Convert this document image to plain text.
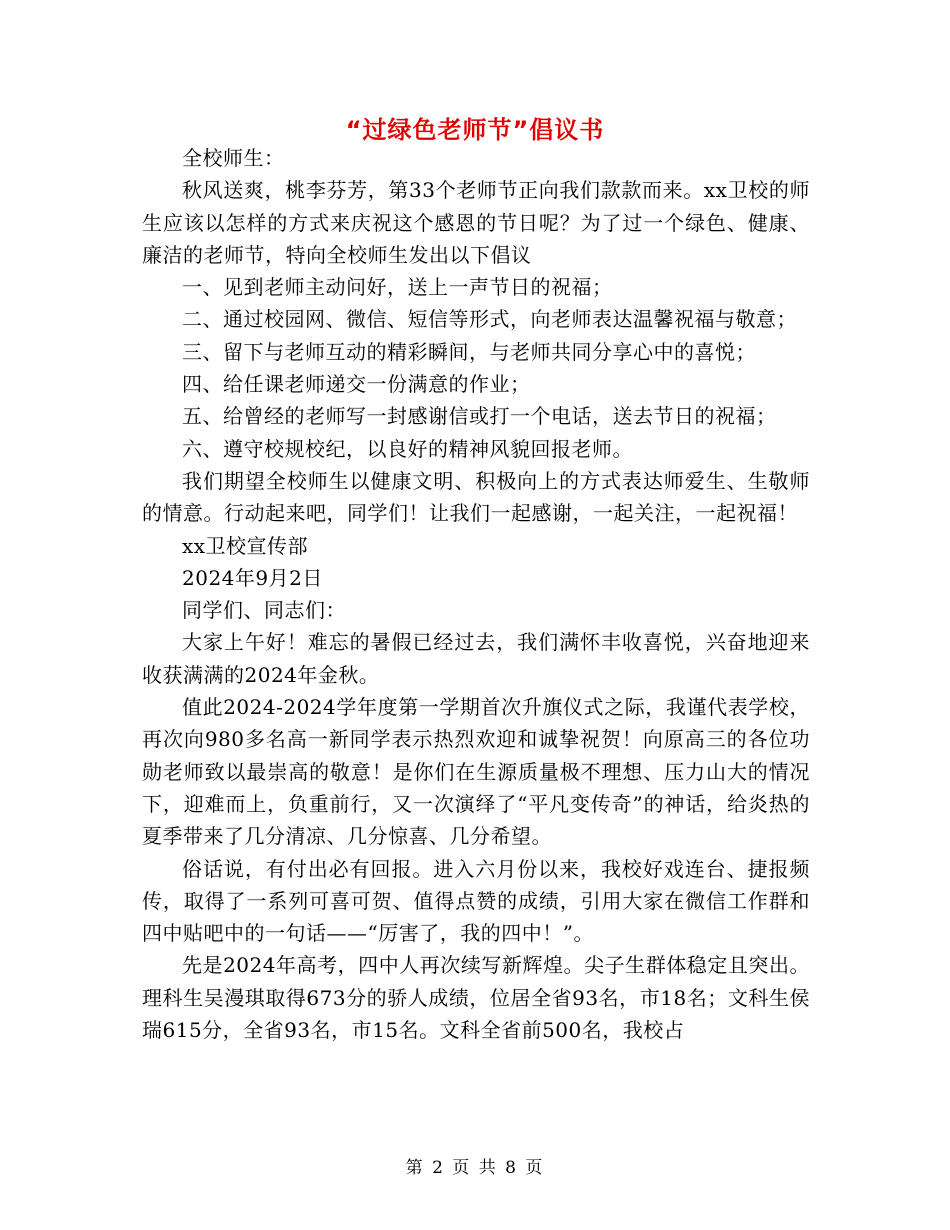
“过绿色老师节”倡议书

全校师生：

秋风送爽，桃李芬芳，第33个老师节正向我们款款而来。xx卫校的师生应该以怎样的方式来庆祝这个感恩的节日呢？为了过一个绿色、健康、廉洁的老师节，特向全校师生发出以下倡议

一、见到老师主动问好，送上一声节日的祝福；

二、通过校园网、微信、短信等形式，向老师表达温馨祝福与敬意；

三、留下与老师互动的精彩瞬间，与老师共同分享心中的喜悦；

四、给任课老师递交一份满意的作业；

五、给曾经的老师写一封感谢信或打一个电话，送去节日的祝福；

六、遵守校规校纪，以良好的精神风貌回报老师。

我们期望全校师生以健康文明、积极向上的方式表达师爱生、生敬师的情意。行动起来吧，同学们！让我们一起感谢，一起关注，一起祝福！

xx卫校宣传部

2024年9月2日

同学们、同志们：

大家上午好！难忘的暑假已经过去，我们满怀丰收喜悦，兴奋地迎来收获满满的2024年金秋。

值此2024-2024学年度第一学期首次升旗仪式之际，我谨代表学校，再次向980多名高一新同学表示热烈欢迎和诚挚祝贺！向原高三的各位功勋老师致以最崇高的敬意！是你们在生源质量极不理想、压力山大的情况下，迎难而上，负重前行，又一次演绎了“平凡变传奇”的神话，给炎热的夏季带来了几分清凉、几分惊喜、几分希望。

俗话说，有付出必有回报。进入六月份以来，我校好戏连台、捷报频传，取得了一系列可喜可贺、值得点赞的成绩，引用大家在微信工作群和四中贴吧中的一句话——“厉害了，我的四中！”。

先是2024年高考，四中人再次续写新辉煌。尖子生群体稳定且突出。理科生吴漫琪取得673分的骄人成绩，位居全省93名，市18名；文科生侯瑞615分，全省93名，市15名。文科全省前500名，我校占

第 2 页 共 8 页
